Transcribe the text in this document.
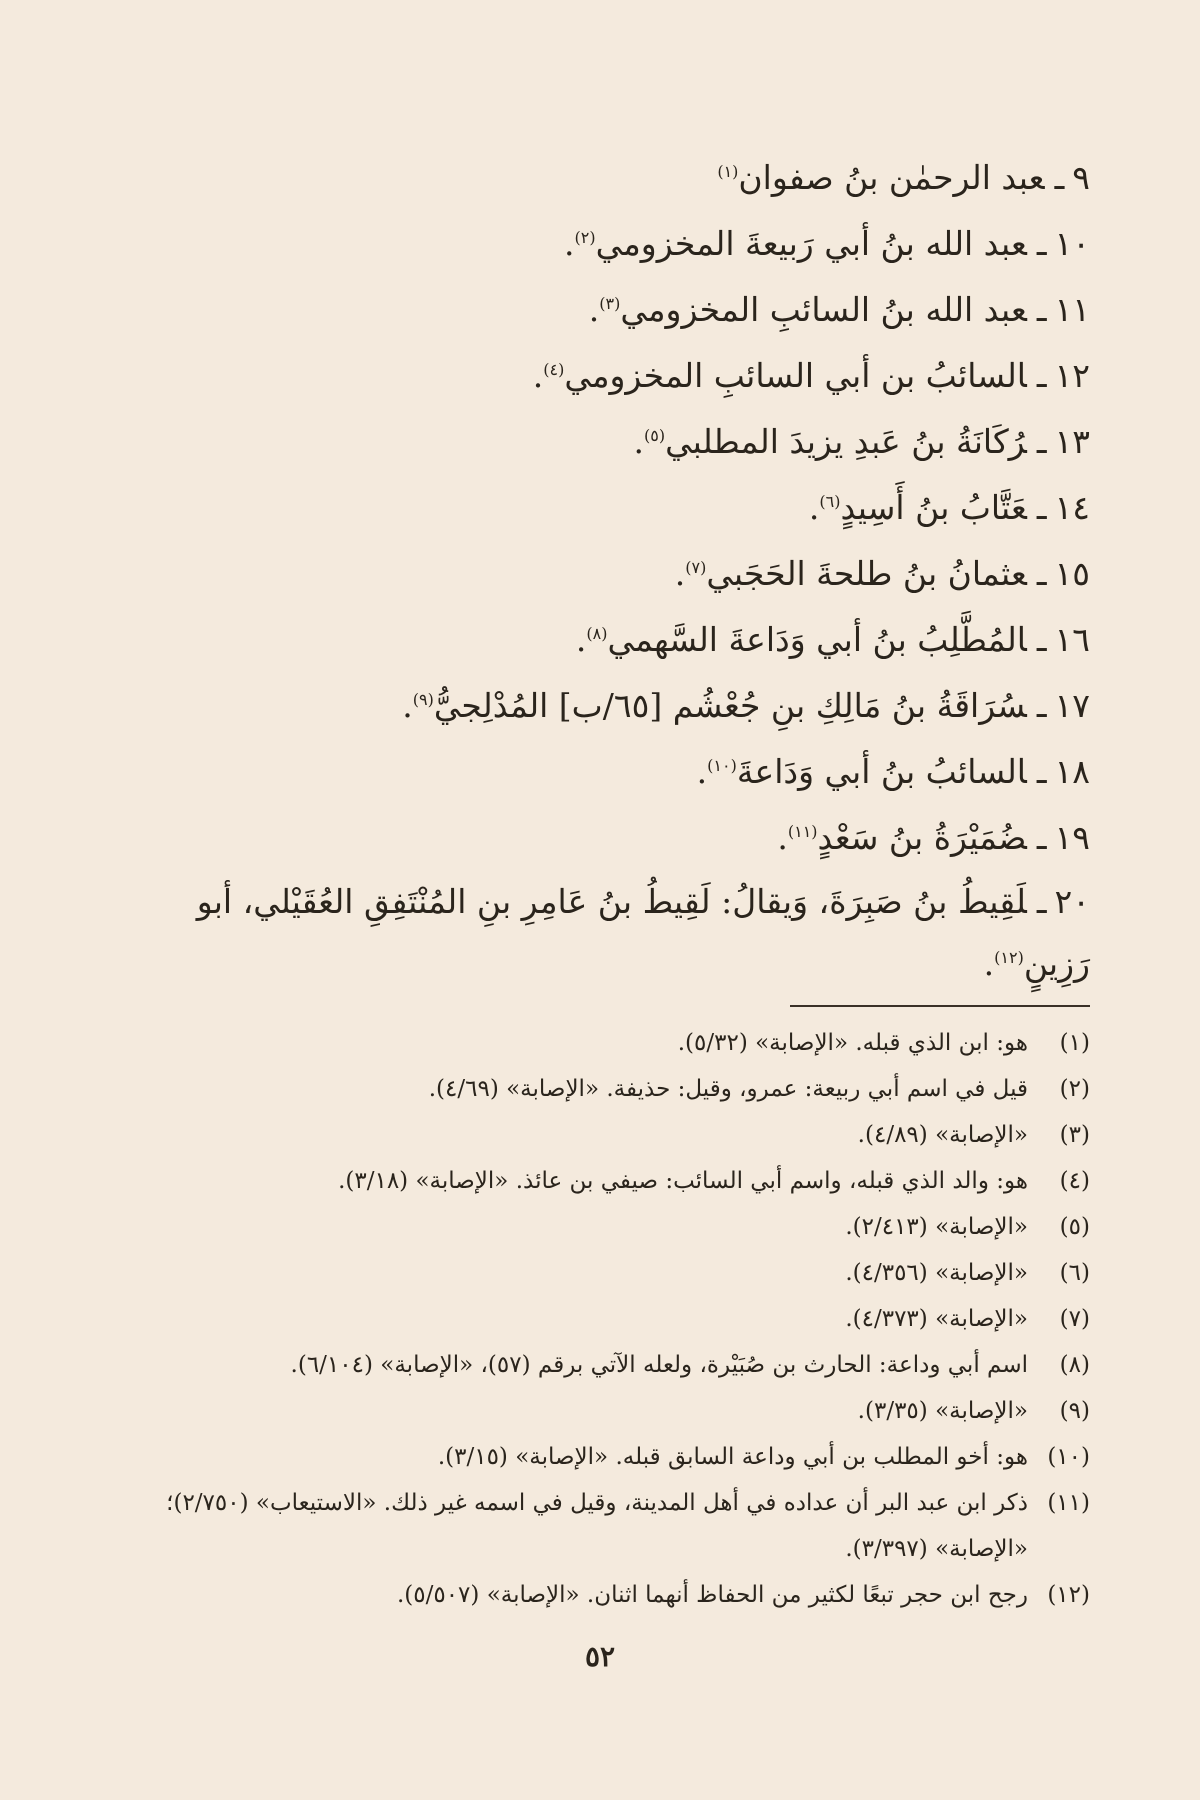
٩ـعبد الرحمٰن بنُ صفوان$^{(١)}$
١٠ـعبد الله بنُ أبي رَبيعةَ المخزومي$^{(٢)}$.
١١ـعبد الله بنُ السائبِ المخزومي$^{(٣)}$.
١٢ـالسائبُ بن أبي السائبِ المخزومي$^{(٤)}$.
١٣ـرُكَانَةُ بنُ عَبدِ يزيدَ المطلبي$^{(٥)}$.
١٤ـعَتَّابُ بنُ أَسِيدٍ$^{(٦)}$.
١٥ـعثمانُ بنُ طلحةَ الحَجَبي$^{(٧)}$.
١٦ـالمُطَّلِبُ بنُ أبي وَدَاعةَ السَّهمي$^{(٨)}$.
١٧ـسُرَاقَةُ بنُ مَالِكِ بنِ جُعْشُم [٦٥/ب] المُدْلِجيُّ$^{(٩)}$.
١٨ـالسائبُ بنُ أبي وَدَاعةَ$^{(١٠)}$.
١٩ـضُمَيْرَةُ بنُ سَعْدٍ$^{(١١)}$.
٢٠ـلَقِيطُ بنُ صَبِرَةَ، وَيقالُ: لَقِيطُ بنُ عَامِرِ بنِ المُنْتَفِقِ العُقَيْلي، أبو رَزِينٍ$^{(١٢)}$.
(١)
هو: ابن الذي قبله. «الإصابة» (٥/٣٢).
(٢)
قيل في اسم أبي ربيعة: عمرو، وقيل: حذيفة. «الإصابة» (٤/٦٩).
(٣)
«الإصابة» (٤/٨٩).
(٤)
هو: والد الذي قبله، واسم أبي السائب: صيفي بن عائذ. «الإصابة» (٣/١٨).
(٥)
«الإصابة» (٢/٤١٣).
(٦)
«الإصابة» (٤/٣٥٦).
(٧)
«الإصابة» (٤/٣٧٣).
(٨)
اسم أبي وداعة: الحارث بن صُبَيْرة، ولعله الآتي برقم (٥٧)، «الإصابة» (٦/١٠٤).
(٩)
«الإصابة» (٣/٣٥).
(١٠)
هو: أخو المطلب بن أبي وداعة السابق قبله. «الإصابة» (٣/١٥).
(١١)
ذكر ابن عبد البر أن عداده في أهل المدينة، وقيل في اسمه غير ذلك. «الاستيعاب» (٢/٧٥٠)؛ «الإصابة» (٣/٣٩٧).
(١٢)
رجح ابن حجر تبعًا لكثير من الحفاظ أنهما اثنان. «الإصابة» (٥/٥٠٧).
٥٢
